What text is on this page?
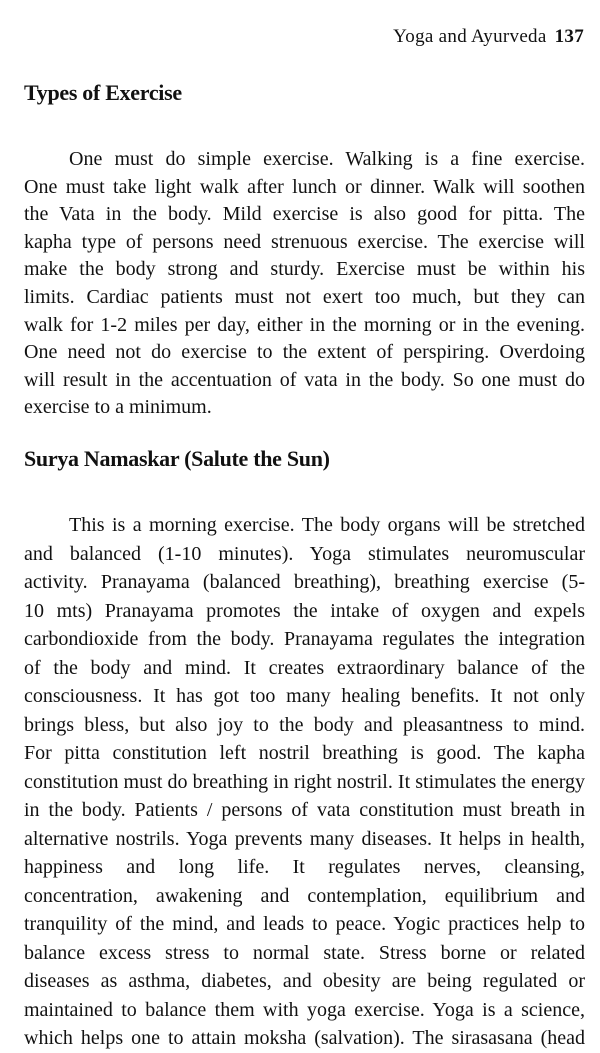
Yoga and Ayurveda 137
Types of Exercise
One must do simple exercise. Walking is a fine exercise.
One must take light walk after lunch or dinner. Walk will soothen
the Vata in the body. Mild exercise is also good for pitta. The
kapha type of persons need strenuous exercise. The exercise will
make the body strong and sturdy. Exercise must be within his
limits. Cardiac patients must not exert too much, but they can
walk for 1-2 miles per day, either in the morning or in the evening.
One need not do exercise to the extent of perspiring. Overdoing
will result in the accentuation of vata in the body. So one must do
exercise to a minimum.
Surya Namaskar (Salute the Sun)
This is a morning exercise. The body organs will be stretched
and balanced (1-10 minutes). Yoga stimulates neuromuscular
activity. Pranayama (balanced breathing), breathing exercise (5-
10 mts) Pranayama promotes the intake of oxygen and expels
carbondioxide from the body. Pranayama regulates the integration
of the body and mind. It creates extraordinary balance of the
consciousness. It has got too many healing benefits. It not only
brings bless, but also joy to the body and pleasantness to mind.
For pitta constitution left nostril breathing is good. The kapha
constitution must do breathing in right nostril. It stimulates the energy
in the body. Patients / persons of vata constitution must breath in
alternative nostrils. Yoga prevents many diseases. It helps in health,
happiness and long life. It regulates nerves, cleansing,
concentration, awakening and contemplation, equilibrium and
tranquility of the mind, and leads to peace. Yogic practices help to
balance excess stress to normal state. Stress borne or related
diseases as asthma, diabetes, and obesity are being regulated or
maintained to balance them with yoga exercise. Yoga is a science,
which helps one to attain moksha (salvation). The sirasasana (head
